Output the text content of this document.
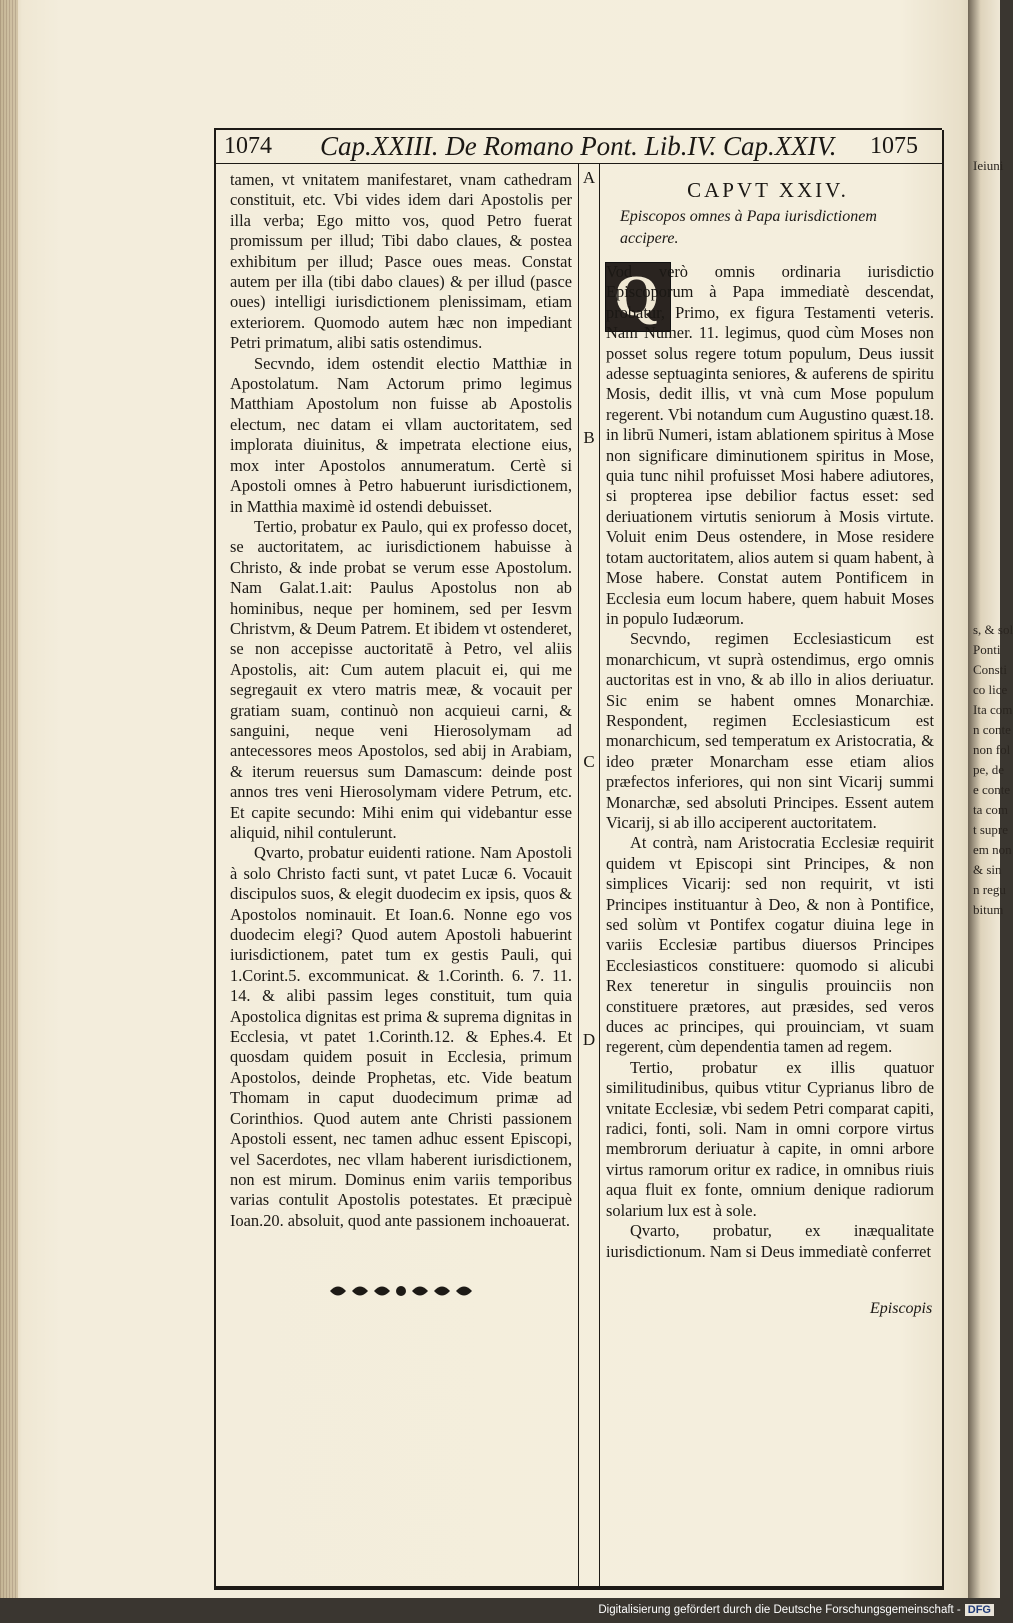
Ieiuni
s, & sol
Ponti
Consti
co lice
Ita com
n conte
non fol
pe, de
e conte
ta com
t supre
em non
& sin
n regu
bitum
1074 Cap.XXIII. De Romano Pont. Lib.IV. Cap.XXIV. 1075
A
B
C
D

tamen, vt vnitatem manifestaret, vnam cathedram constituit, etc. Vbi vides idem dari Apostolis per illa verba; Ego mitto vos, quod Petro fuerat promissum per illud; Tibi dabo claues, & postea exhibitum per illud; Pasce oues meas. Constat autem per illa (tibi dabo claues) & per illud (pasce oues) intelligi iurisdictionem plenissimam, etiam exteriorem. Quomodo autem hæc non impediant Petri primatum, alibi satis ostendimus.

Secvndo, idem ostendit electio Matthiæ in Apostolatum. Nam Actorum primo legimus Matthiam Apostolum non fuisse ab Apostolis electum, nec datam ei vllam auctoritatem, sed implorata diuinitus, & impetrata electione eius, mox inter Apostolos annumeratum. Certè si Apostoli omnes à Petro habuerunt iurisdictionem, in Matthia maximè id ostendi debuisset.

Tertio, probatur ex Paulo, qui ex professo docet, se auctoritatem, ac iurisdictionem habuisse à Christo, & inde probat se verum esse Apostolum. Nam Galat.1.ait: Paulus Apostolus non ab hominibus, neque per hominem, sed per Iesvm Christvm, & Deum Patrem. Et ibidem vt ostenderet, se non accepisse auctoritatē à Petro, vel aliis Apostolis, ait: Cum autem placuit ei, qui me segregauit ex vtero matris meæ, & vocauit per gratiam suam, continuò non acquieui carni, & sanguini, neque veni Hierosolymam ad antecessores meos Apostolos, sed abij in Arabiam, & iterum reuersus sum Damascum: deinde post annos tres veni Hierosolymam videre Petrum, etc. Et capite secundo: Mihi enim qui videbantur esse aliquid, nihil contulerunt.

Qvarto, probatur euidenti ratione. Nam Apostoli à solo Christo facti sunt, vt patet Lucæ 6. Vocauit discipulos suos, & elegit duodecim ex ipsis, quos & Apostolos nominauit. Et Ioan.6. Nonne ego vos duodecim elegi? Quod autem Apostoli habuerint iurisdictionem, patet tum ex gestis Pauli, qui 1.Corint.5. excommunicat. & 1.Corinth. 6. 7. 11. 14. & alibi passim leges constituit, tum quia Apostolica dignitas est prima & suprema dignitas in Ecclesia, vt patet 1.Corinth.12. & Ephes.4. Et quosdam quidem posuit in Ecclesia, primum Apostolos, deinde Prophetas, etc. Vide beatum Thomam in caput duodecimum primæ ad Corinthios. Quod autem ante Christi passionem Apostoli essent, nec tamen adhuc essent Episcopi, vel Sacerdotes, nec vllam haberent iurisdictionem, non est mirum. Dominus enim variis temporibus varias contulit Apostolis potestates. Et præcipuè Ioan.20. absoluit, quod ante passionem inchoauerat.

CAPVT XXIV.
Episcopos omnes à Papa iurisdictionem accipere.
Q

Vod verò omnis ordinaria iurisdictio Episcoporum à Papa immediatè descendat, probatur, Primo, ex figura Testamenti veteris. Nam Numer. 11. legimus, quod cùm Moses non posset solus regere totum populum, Deus iussit adesse septuaginta seniores, & auferens de spiritu Mosis, dedit illis, vt vnà cum Mose populum regerent. Vbi notandum cum Augustino quæst.18. in librū Numeri, istam ablationem spiritus à Mose non significare diminutionem spiritus in Mose, quia tunc nihil profuisset Mosi habere adiutores, si propterea ipse debilior factus esset: sed deriuationem virtutis seniorum à Mosis virtute. Voluit enim Deus ostendere, in Mose residere totam auctoritatem, alios autem si quam habent, à Mose habere. Constat autem Pontificem in Ecclesia eum locum habere, quem habuit Moses in populo Iudæorum.

Secvndo, regimen Ecclesiasticum est monarchicum, vt suprà ostendimus, ergo omnis auctoritas est in vno, & ab illo in alios deriuatur. Sic enim se habent omnes Monarchiæ. Respondent, regimen Ecclesiasticum est monarchicum, sed temperatum ex Aristocratia, & ideo præter Monarcham esse etiam alios præfectos inferiores, qui non sint Vicarij summi Monarchæ, sed absoluti Principes. Essent autem Vicarij, si ab illo acciperent auctoritatem.

At contrà, nam Aristocratia Ecclesiæ requirit quidem vt Episcopi sint Principes, & non simplices Vicarij: sed non requirit, vt isti Principes instituantur à Deo, & non à Pontifice, sed solùm vt Pontifex cogatur diuina lege in variis Ecclesiæ partibus diuersos Principes Ecclesiasticos constituere: quomodo si alicubi Rex teneretur in singulis prouinciis non constituere prætores, aut præsides, sed veros duces ac principes, qui prouinciam, vt suam regerent, cùm dependentia tamen ad regem.

Tertio, probatur ex illis quatuor similitudinibus, quibus vtitur Cyprianus libro de vnitate Ecclesiæ, vbi sedem Petri comparat capiti, radici, fonti, soli. Nam in omni corpore virtus membrorum deriuatur à capite, in omni arbore virtus ramorum oritur ex radice, in omnibus riuis aqua fluit ex fonte, omnium denique radiorum solarium lux est à sole.

Qvarto, probatur, ex inæqualitate iurisdictionum. Nam si Deus immediatè conferret

Episcopis
Digitalisierung gefördert durch die Deutsche Forschungsgemeinschaft - DFG
